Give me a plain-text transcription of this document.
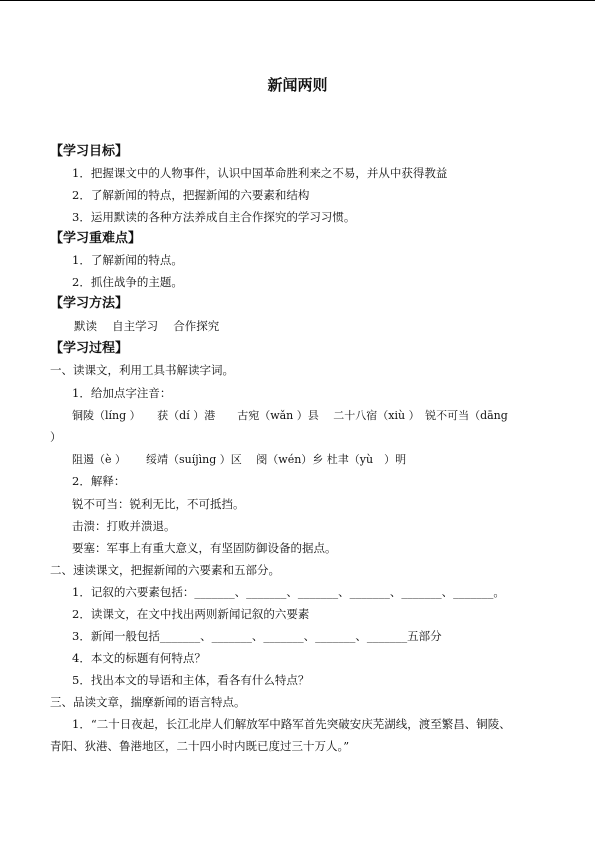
新闻两则
【学习目标】
1．把握课文中的人物事件，认识中国革命胜利来之不易，并从中获得教益
2．了解新闻的特点，把握新闻的六要素和结构
3．运用默读的各种方法养成自主合作探究的学习习惯。
【学习重难点】
1．了解新闻的特点。
2．抓住战争的主题。
【学习方法】
默读　 自主学习　 合作探究
【学习过程】
一、读课文，利用工具书解读字词。
1．给加点字注音：
铜陵（líng ）　　获（dí ）港　　古宛（wǎn ）县　 二十八宿（xiù ）　锐不可当（dāng
）
阻遏（è ）　　 绥靖（suíjìng ）区　 阌（wén）乡 杜聿（yù　）明
2．解释：
锐不可当：锐利无比，不可抵挡。
击溃：打败并溃退。
要塞：军事上有重大意义，有坚固防御设备的据点。
二、速读课文，把握新闻的六要素和五部分。
1．记叙的六要素包括：_______、_______、_______、_______、_______、_______。
2．读课文，在文中找出两则新闻记叙的六要素
3．新闻一般包括_______、_______、_______、_______、_______五部分
4．本文的标题有何特点？
5．找出本文的导语和主体，看各有什么特点？
三、品读文章，揣摩新闻的语言特点。
1．“二十日夜起，长江北岸人们解放军中路军首先突破安庆芜湖线，渡至繁昌、铜陵、
青阳、狄港、鲁港地区，二十四小时内既已度过三十万人。”
